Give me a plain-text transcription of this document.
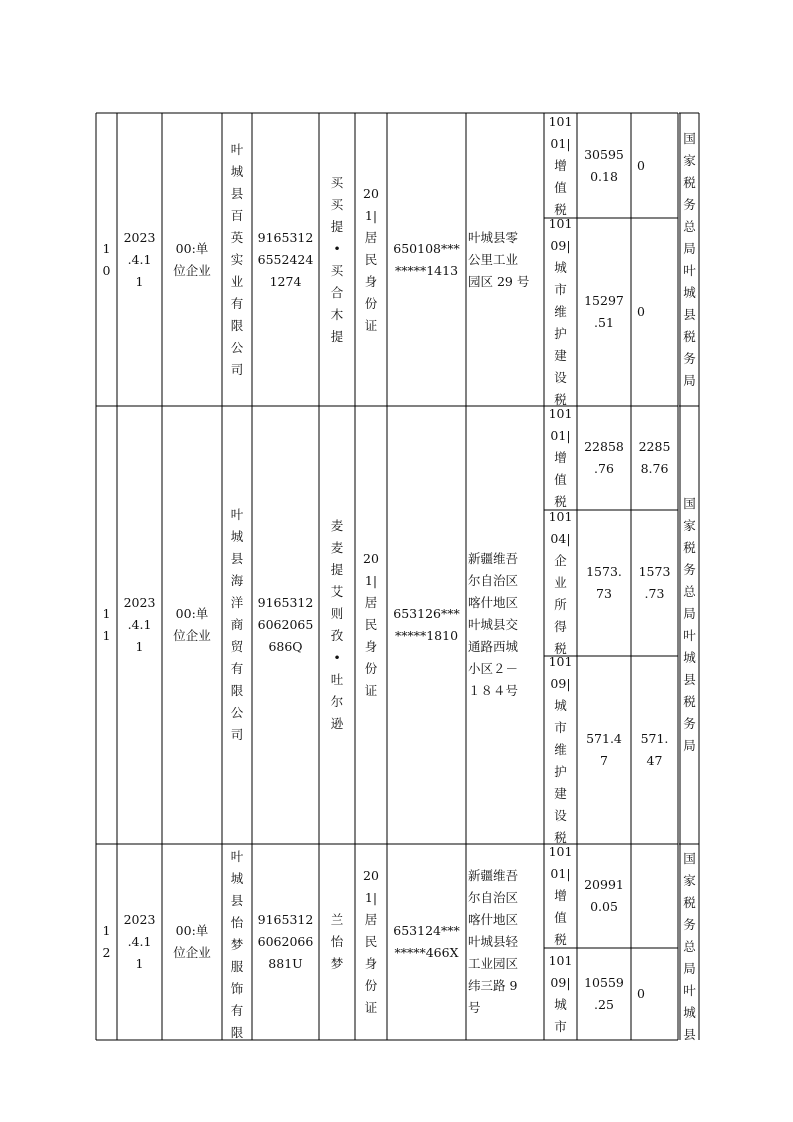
1
0
2023
.4.1
1
00:单
位企业
叶
城
县
百
英
实
业
有
限
公
司
9165312
6552424
1274
买
买
提
•
买
合
木
提
20
1|
居
民
身
份
证
650108***
*****1413
叶城县零
公里工业
园区 29 号
101
01|
增
值
税
30595
0.18
0
101
09|
城
市
维
护
建
设
税
15297
.51
0
国
家
税
务
总
局
叶
城
县
税
务
局
1
1
2023
.4.1
1
00:单
位企业
叶
城
县
海
洋
商
贸
有
限
公
司
9165312
6062065
686Q
麦
麦
提
艾
则
孜
•
吐
尔
逊
20
1|
居
民
身
份
证
653126***
*****1810
新疆维吾
尔自治区
喀什地区
叶城县交
通路西城
小区２－
１８４号
101
01|
增
值
税
22858
.76
2285
8.76
101
04|
企
业
所
得
税
1573.
73
1573
.73
101
09|
城
市
维
护
建
设
税
571.4
7
571.
47
国
家
税
务
总
局
叶
城
县
税
务
局
1
2
2023
.4.1
1
00:单
位企业
叶
城
县
怡
梦
服
饰
有
限
9165312
6062066
881U
兰
怡
梦
20
1|
居
民
身
份
证
653124***
*****466X
新疆维吾
尔自治区
喀什地区
叶城县轻
工业园区
纬三路 9
号
101
01|
增
值
税
20991
0.05
101
09|
城
市
10559
.25
0
国
家
税
务
总
局
叶
城
县
